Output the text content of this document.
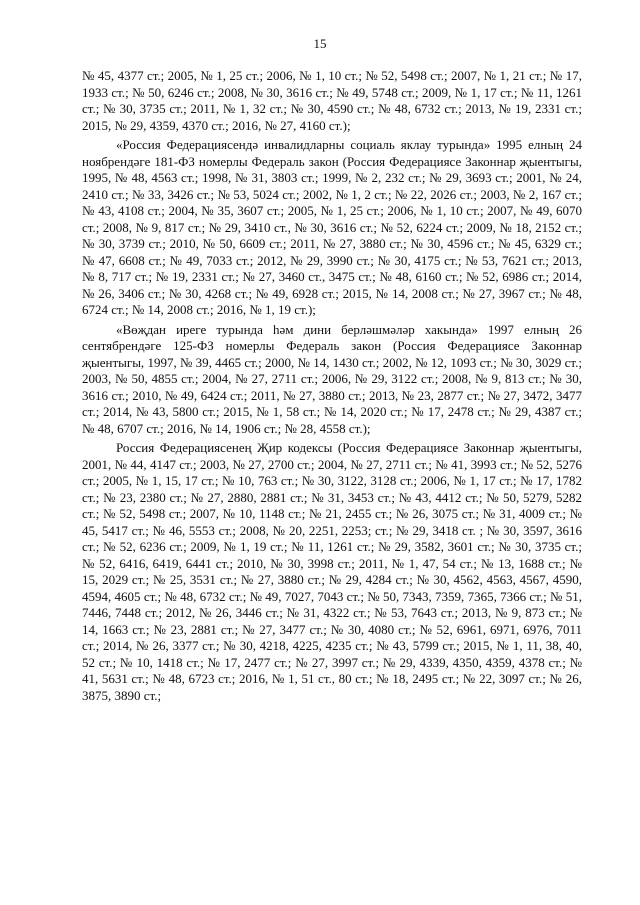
15

№ 45, 4377 ст.; 2005, № 1, 25 ст.; 2006, № 1, 10 ст.; № 52, 5498 ст.; 2007, № 1, 21 ст.; № 17, 1933 ст.; № 50, 6246 ст.; 2008, № 30, 3616 ст.; № 49, 5748 ст.; 2009, № 1, 17 ст.; № 11, 1261 ст.; № 30, 3735 ст.; 2011, № 1, 32 ст.; № 30, 4590 ст.; № 48, 6732 ст.; 2013, № 19, 2331 ст.; 2015, № 29, 4359, 4370 ст.; 2016, № 27, 4160 ст.);

«Россия Федерациясендә инвалидларны социаль яклау турында» 1995 елның 24 ноябрендәге 181-ФЗ номерлы Федераль закон (Россия Федерациясе Законнар җыентыгы, 1995, № 48, 4563 ст.; 1998, № 31, 3803 ст.; 1999, № 2, 232 ст.; № 29, 3693 ст.; 2001, № 24, 2410 ст.; № 33, 3426 ст.; № 53, 5024 ст.; 2002, № 1, 2 ст.; № 22, 2026 ст.; 2003, № 2, 167 ст.; № 43, 4108 ст.; 2004, № 35, 3607 ст.; 2005, № 1, 25 ст.; 2006, № 1, 10 ст.; 2007, № 49, 6070 ст.; 2008, № 9, 817 ст.; № 29, 3410 ст., № 30, 3616 ст.; № 52, 6224 ст.; 2009, № 18, 2152 ст.; № 30, 3739 ст.; 2010, № 50, 6609 ст.; 2011, № 27, 3880 ст.; № 30, 4596 ст.; № 45, 6329 ст.; № 47, 6608 ст.; № 49, 7033 ст.; 2012, № 29, 3990 ст.; № 30, 4175 ст.; № 53, 7621 ст.; 2013, № 8, 717 ст.; № 19, 2331 ст.; № 27, 3460 ст., 3475 ст.; № 48, 6160 ст.; № 52, 6986 ст.; 2014, № 26, 3406 ст.; № 30, 4268 ст.; № 49, 6928 ст.; 2015, № 14, 2008 ст.; № 27, 3967 ст.; № 48, 6724 ст.; № 14, 2008 ст.; 2016, № 1, 19 ст.);

«Вөҗдан иреге турында һәм дини берләшмәләр хакында» 1997 елның 26 сентябрендәге 125-ФЗ номерлы Федераль закон (Россия Федерациясе Законнар җыентыгы, 1997, № 39, 4465 ст.; 2000, № 14, 1430 ст.; 2002, № 12, 1093 ст.; № 30, 3029 ст.; 2003, № 50, 4855 ст.; 2004, № 27, 2711 ст.; 2006, № 29, 3122 ст.; 2008, № 9, 813 ст.; № 30, 3616 ст.; 2010, № 49, 6424 ст.; 2011, № 27, 3880 ст.; 2013, № 23, 2877 ст.; № 27, 3472, 3477 ст.; 2014, № 43, 5800 ст.; 2015, № 1, 58 ст.; № 14, 2020 ст.; № 17, 2478 ст.; № 29, 4387 ст.; № 48, 6707 ст.; 2016, № 14, 1906 ст.; № 28, 4558 ст.);

Россия Федерациясенең Җир кодексы (Россия Федерациясе Законнар җыентыгы, 2001, № 44, 4147 ст.; 2003, № 27, 2700 ст.; 2004, № 27, 2711 ст.; № 41, 3993 ст.; № 52, 5276 ст.; 2005, № 1, 15, 17 ст.; № 10, 763 ст.; № 30, 3122, 3128 ст.; 2006, № 1, 17 ст.; № 17, 1782 ст.; № 23, 2380 ст.; № 27, 2880, 2881 ст.; № 31, 3453 ст.; № 43, 4412 ст.; № 50, 5279, 5282 ст.; № 52, 5498 ст.; 2007, № 10, 1148 ст.; № 21, 2455 ст.; № 26, 3075 ст.; № 31, 4009 ст.; № 45, 5417 ст.; № 46, 5553 ст.; 2008, № 20, 2251, 2253; ст.; № 29, 3418 ст. ; № 30, 3597, 3616 ст.; № 52, 6236 ст.; 2009, № 1, 19 ст.; № 11, 1261 ст.; № 29, 3582, 3601 ст.; № 30, 3735 ст.; № 52, 6416, 6419, 6441 ст.; 2010, № 30, 3998 ст.; 2011, № 1, 47, 54 ст.; № 13, 1688 ст.; № 15, 2029 ст.; № 25, 3531 ст.; № 27, 3880 ст.; № 29, 4284 ст.; № 30, 4562, 4563, 4567, 4590, 4594, 4605 ст.; № 48, 6732 ст.; № 49, 7027, 7043 ст.; № 50, 7343, 7359, 7365, 7366 ст.; № 51, 7446, 7448 ст.; 2012, № 26, 3446 ст.; № 31, 4322 ст.; № 53, 7643 ст.; 2013, № 9, 873 ст.; № 14, 1663 ст.; № 23, 2881 ст.; № 27, 3477 ст.; № 30, 4080 ст.; № 52, 6961, 6971, 6976, 7011 ст.; 2014, № 26, 3377 ст.; № 30, 4218, 4225, 4235 ст.; № 43, 5799 ст.; 2015, № 1, 11, 38, 40, 52 ст.; № 10, 1418 ст.; № 17, 2477 ст.; № 27, 3997 ст.; № 29, 4339, 4350, 4359, 4378 ст.; № 41, 5631 ст.; № 48, 6723 ст.; 2016, № 1, 51 ст., 80 ст.; № 18, 2495 ст.; № 22, 3097 ст.; № 26, 3875, 3890 ст.;
